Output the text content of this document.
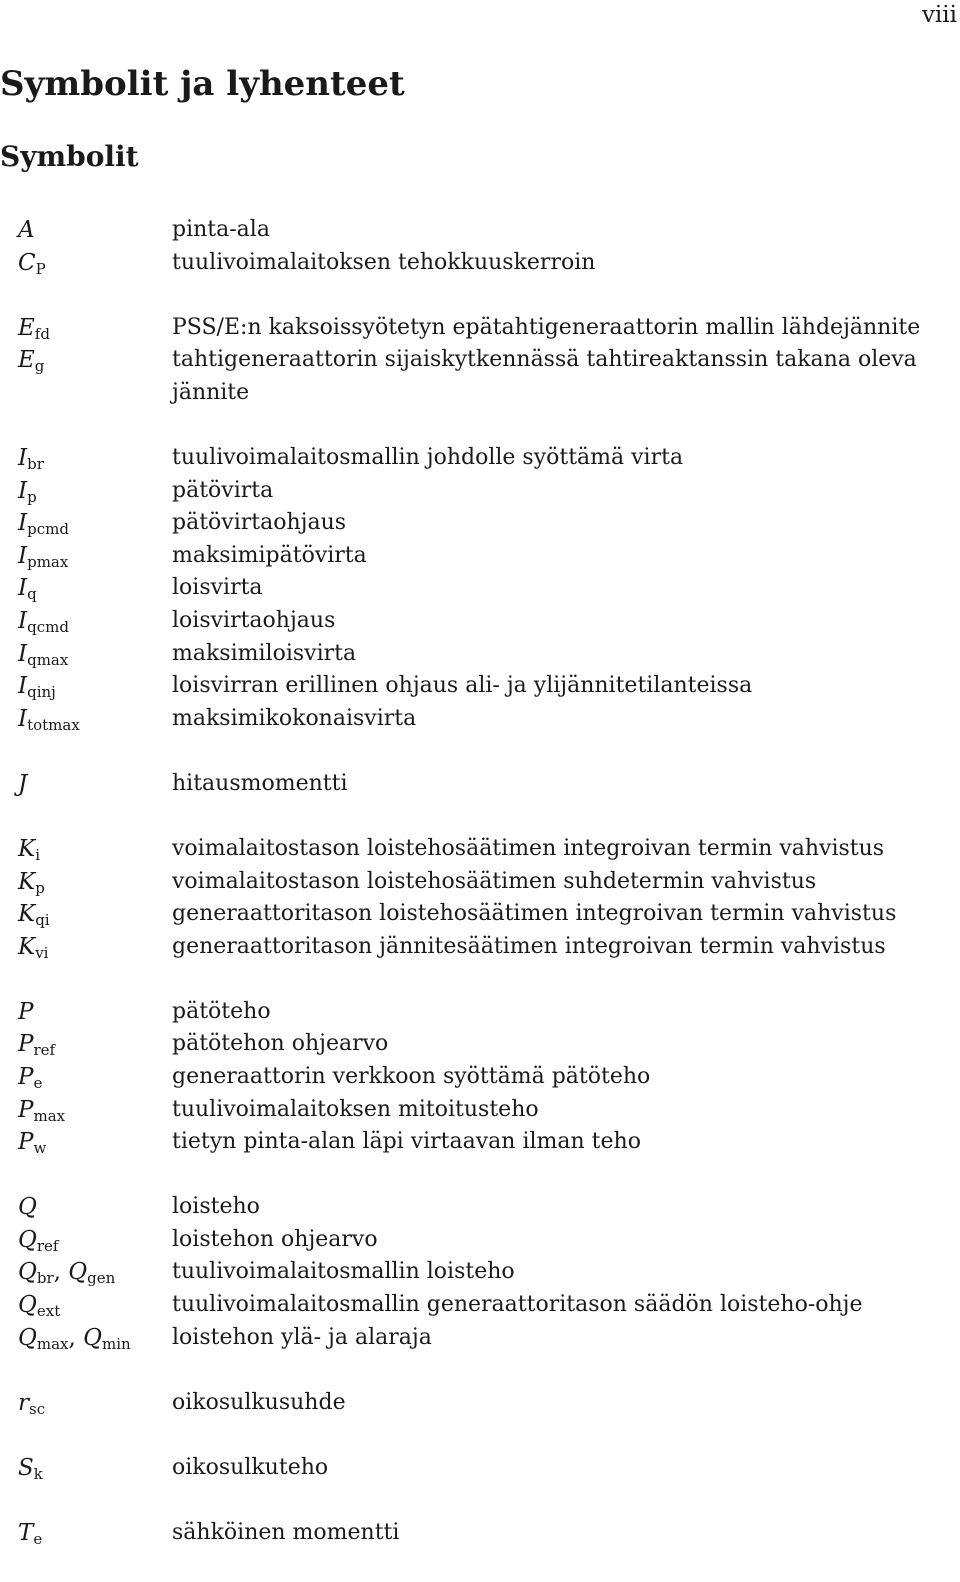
viii
Symbolit ja lyhenteet
Symbolit
A	pinta-ala
$C_P$	tuulivoimalaitoksen tehokkuuskerroin
$E_{fd}$	PSS/E:n kaksoissyötetyn epätahtigeneraattorin mallin lähdejännite
$E_g$	tahtigeneraattorin sijaiskytkennässä tahtireaktanssin takana oleva
jännite
$I_{br}$	tuulivoimalaitosmallin johdolle syöttämä virta
$I_p$	pätövirta
$I_{pcmd}$	pätövirtaohjaus
$I_{pmax}$	maksimipätövirta
$I_q$	loisvirta
$I_{qcmd}$	loisvirtaohjaus
$I_{qmax}$	maksimiloisvirta
$I_{qinj}$	loisvirran erillinen ohjaus ali- ja ylijännitetilanteissa
$I_{totmax}$	maksimikokonaisvirta
J	hitausmomentti
$K_i$	voimalaitostason loistehosäätimen integroivan termin vahvistus
$K_p$	voimalaitostason loistehosäätimen suhdetermin vahvistus
$K_{qi}$	generaattoritason loistehosäätimen integroivan termin vahvistus
$K_{vi}$	generaattoritason jännitesäätimen integroivan termin vahvistus
P	pätöteho
$P_{ref}$	pätötehon ohjearvo
$P_e$	generaattorin verkkoon syöttämä pätöteho
$P_{max}$	tuulivoimalaitoksen mitoitusteho
$P_w$	tietyn pinta-alan läpi virtaavan ilman teho
Q	loisteho
$Q_{ref}$	loistehon ohjearvo
$Q_{br}$, $Q_{gen}$	tuulivoimalaitosmallin loisteho
$Q_{ext}$	tuulivoimalaitosmallin generaattoritason säädön loisteho-ohje
$Q_{max}$, $Q_{min}$	loistehon ylä- ja alaraja
$r_{sc}$	oikosulkusuhde
$S_k$	oikosulkuteho
$T_e$	sähköinen momentti
